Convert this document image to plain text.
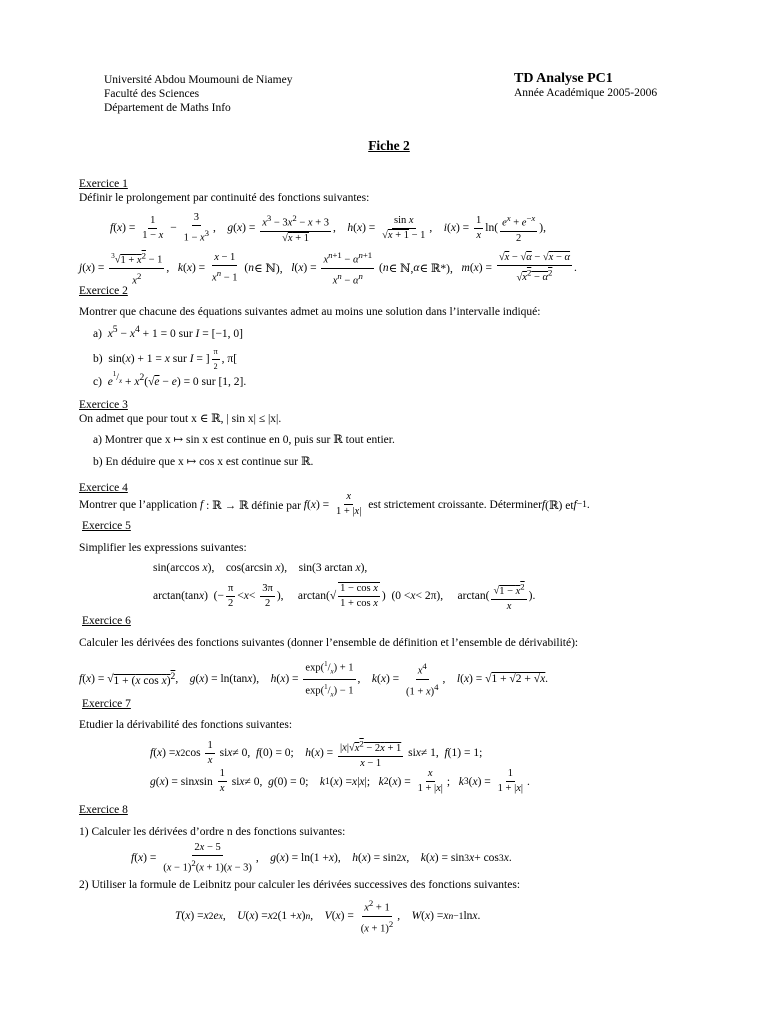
Université Abdou Moumouni de Niamey
Faculté des Sciences
Département de Maths Info
TD Analyse PC1
Année Académique 2005-2006
Fiche 2
Exercice 1
Définir le prolongement par continuité des fonctions suivantes:
f ( x ) = $\frac{1}{1 - x} - \frac{3}{1 - x^3}$ , g ( x ) = $\frac{x^3 - 3x^2 - x + 3}{√x + 1}$ , h ( x ) = $\frac{\text{sin x}}{√x + 1 - 1}$ , i ( x ) = $\frac{1}{x} \ln( \frac{e^x + e^{-x}}{2}$ ),
j ( x ) = $\frac{^3√1 + x^2 - 1}{x^2}$ , k ( x ) = $\frac{x - 1}{x^n - 1}$ ( n ∈ ℕ), l ( x ) = $\frac{x^{n+1} - \alpha^{n+1}}{x^n - \alpha^n}$ ( n ∈ ℕ, α ∈ ℝ*), m ( x ) = $\frac{√x - √\alpha - √x - \alpha}{√x^2 - \alpha^2}$ .
Exercice 2
Montrer que chacune des équations suivantes admet au moins une solution dans l’intervalle indiqué:
a)  $x^5 - x^4 + 1 = 0$ sur I = [−1, 0]
b)  sin(x) + 1 = x sur I = ] $\frac{\pi}{2}$ , π[
c)  $e^{^1/_x} + x^2(√e - e) = 0$ sur [1, 2].
Exercice 3
On admet que pour tout x ∈ ℝ, | sin x| ≤ |x|.
a) Montrer que x ↦ sin x est continue en 0, puis sur ℝ tout entier.
b) En déduire que x ↦ cos x est continue sur ℝ.
Exercice 4
Montrer que l’application f : ℝ → ℝ définie par f ( x ) = $\frac{x}{1 + |x|}$ est strictement croissante. Déterminer f (ℝ) et f −1 .
Exercice 5
Simplifier les expressions suivantes:
sin(arccos x),    cos(arcsin x),    sin(3 arctan x),
arctan(tan x )  (− $\frac{\pi}{2} < x < \frac{3\pi}{2}$ ),     $\arctan(√ \frac{\text{1 − cos x}}{\text{1 + cos x}}$ )  (0 < x < 2π),     $\arctan( \frac{√1 - x^2}{x}$ ).
Exercice 6
Calculer les dérivées des fonctions suivantes (donner l’ensemble de définition et l’ensemble de dérivabilité):
f ( x ) = √ 1 + (x cos x)$^2$ , g ( x ) = ln(tan x ), h ( x ) = $\frac{\exp(^1/_x) + 1}{\exp(^1/_x) - 1}$ , k ( x ) = $\frac{x^4}{(1 + x)^4}$ , l ( x ) = √ 1 + √2 + √x .
Exercice 7
Etudier la dérivabilité des fonctions suivantes:
f ( x ) = x 2 $\cos \frac{1}{x}$ si x ≠ 0, f (0) = 0; h ( x ) = $\frac{|x|√x^2 - 2x + 1}{x - 1}$ si x ≠ 1, f (1) = 1;
g ( x ) = sin x $\sin \frac{1}{x}$ si x ≠ 0, g (0) = 0; k 1 ( x ) = x | x |; k 2 ( x ) = $\frac{x}{1 + |x|}$ ; k 3 ( x ) = $\frac{1}{1 + |x|}$ .
Exercice 8
1) Calculer les dérivées d’ordre n des fonctions suivantes:
f ( x ) = $\frac{2x - 5}{(x - 1)^2(x + 1)(x - 3)}$ , g ( x ) = ln(1 + x ), h ( x ) = sin 2 x , k ( x ) = sin 3 x + cos 3 x .
2) Utiliser la formule de Leibnitz pour calculer les dérivées successives des fonctions suivantes:
T ( x ) = x 2 e x , U ( x ) = x 2 (1 + x ) n , V ( x ) = $\frac{x^2 + 1}{(x + 1)^2}$ , W ( x ) = x n−1 ln x .
